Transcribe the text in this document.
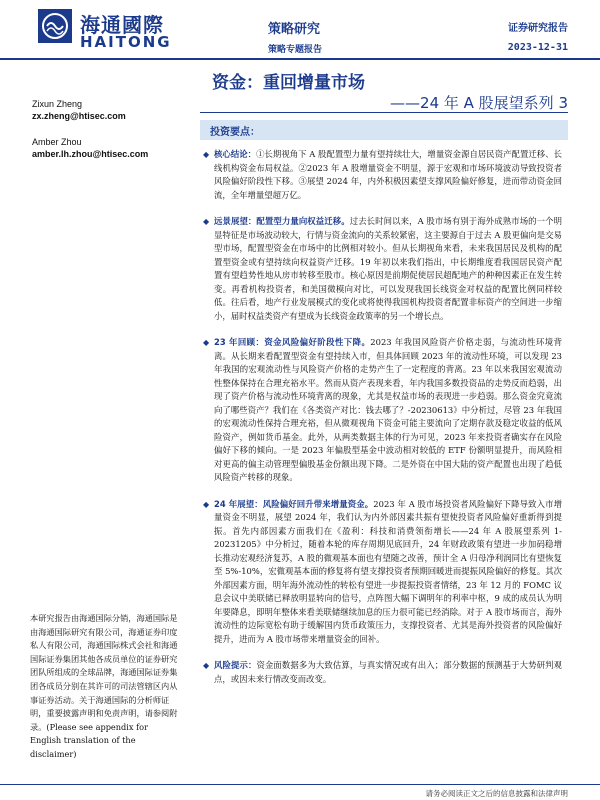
海通國際
HAITONG
策略研究
策略专题报告
证券研究报告
2023-12-31
资金：重回增量市场
——24 年 A 股展望系列 3
Zixun Zheng
zx.zheng@htisec.com
Amber Zhou
amber.lh.zhou@htisec.com
投资要点：
◆ 核心结论：①长期视角下 A 股配置型力量有望持续壮大，增量资金源自居民资产配置迁移、长线机构资金布局权益。②2023 年 A 股增量资金不明显，源于宏观和市场环境波动导致投资者风险偏好阶段性下移。③展望 2024 年，内外积极因素望支撑风险偏好修复，进而带动资金回流，全年增量望超万亿。
◆ 远景展望：配置型力量向权益迁移。过去长时间以来，A 股市场有别于海外成熟市场的一个明显特征是市场波动较大，行情与资金流向的关系较紧密，这主要源自于过去 A 股更偏向是交易型市场，配置型资金在市场中的比例相对较小。但从长期视角来看，未来我国居民及机构的配置型资金或有望持续向权益资产迁移。19 年初以来我们指出，中长期维度看我国居民资产配置有望趋势性地从房市转移至股市。核心原因是前期促使居民超配地产的种种因素正在发生转变。再看机构投资者，和美国微模向对比，可以发现我国长线资金对权益的配置比例同样较低。往后看，地产行业发展模式的变化或将使得我国机构投资者配置非标资产的空间进一步缩小，届时权益类资产有望成为长线资金政策率的另一个增长点。
◆ 23 年回顾：资金风险偏好阶段性下降。2023 年我国风险资产价格走弱，与流动性环境背离。从长期来看配置型资金有望持续入市，但具体回顾 2023 年的流动性环境，可以发现 23 年我国的宏观流动性与风险资产价格的走势产生了一定程度的背离。23 年以来我国宏观流动性整体保持在合理充裕水平。然而从资产表现来看，年内我国多数投资品的走势反而趋弱，出现了资产价格与流动性环境背离的现象，尤其是权益市场的表现进一步趋弱。那么资金究竟流向了哪些资产？我们在《各类资产对比：钱去哪了？-20230613》中分析过，尽管 23 年我国的宏观流动性保持合理充裕，但从微观视角下资金可能主要流向了定期存款及稳定收益的低风险资产，例如货币基金。此外，从两类数据主体的行为可见，2023 年来投资者确实存在风险偏好下移的倾向。一是 2023 年偏股型基金中波动相对较低的 ETF 份额明显提升，而风险相对更高的偏主动管理型偏股基金份额出现下降。二是外资在中国大陆的资产配置也出现了趋低风险资产转移的现象。
◆ 24 年展望：风险偏好回升带来增量资金。2023 年 A 股市场投资者风险偏好下降导致入市增量资金不明显，展望 2024 年，我们认为内外部因素共振有望使投资者风险偏好重新得到提振。首先内部因素方面我们在《盈利：科技和消费领衔增长——24 年 A 股展望系列 1-20231205》中分析过，随着本轮的库存周期见底回升，24 年财政政策有望进一步加码稳增长推动宏观经济复苏，A 股的微观基本面也有望随之改善，预计全 A 归母净利润同比有望恢复至 5%-10%，宏微观基本面的修复将有望支撑投资者预期回暖进而提振风险偏好的修复。其次外部因素方面，明年海外流动性的转松有望进一步提振投资者情绪，23 年 12 月的 FOMC 议息会议中美联储已释放明显转向的信号，点阵图大幅下调明年的利率中枢，9 成的成员认为明年要降息，即明年整体来看美联储继续加息的压力很可能已经消除。对于 A 股市场而言，海外流动性的边际宽松有助于缓解国内货币政策压力，支撑投资者、尤其是海外投资者的风险偏好提升，进而为 A 股市场带来增量资金的回补。
◆ 风险提示：资金面数据多为大致估算，与真实情况或有出入；部分数据的预测基于大势研判观点，或因未来行情改变而改变。
本研究报告由海通国际分销，海通国际是由海通国际研究有限公司，海通证券印度私人有限公司，海通国际株式会社和海通国际证券集团其他各成员单位的证券研究团队所组成的全球品牌，海通国际证券集团各成员分别在其许可的司法管辖区内从事证券活动。关于海通国际的分析师证明，重要披露声明和免责声明，请参阅附录。(Please see appendix for English translation of the disclaimer)
请务必阅读正文之后的信息披露和法律声明
